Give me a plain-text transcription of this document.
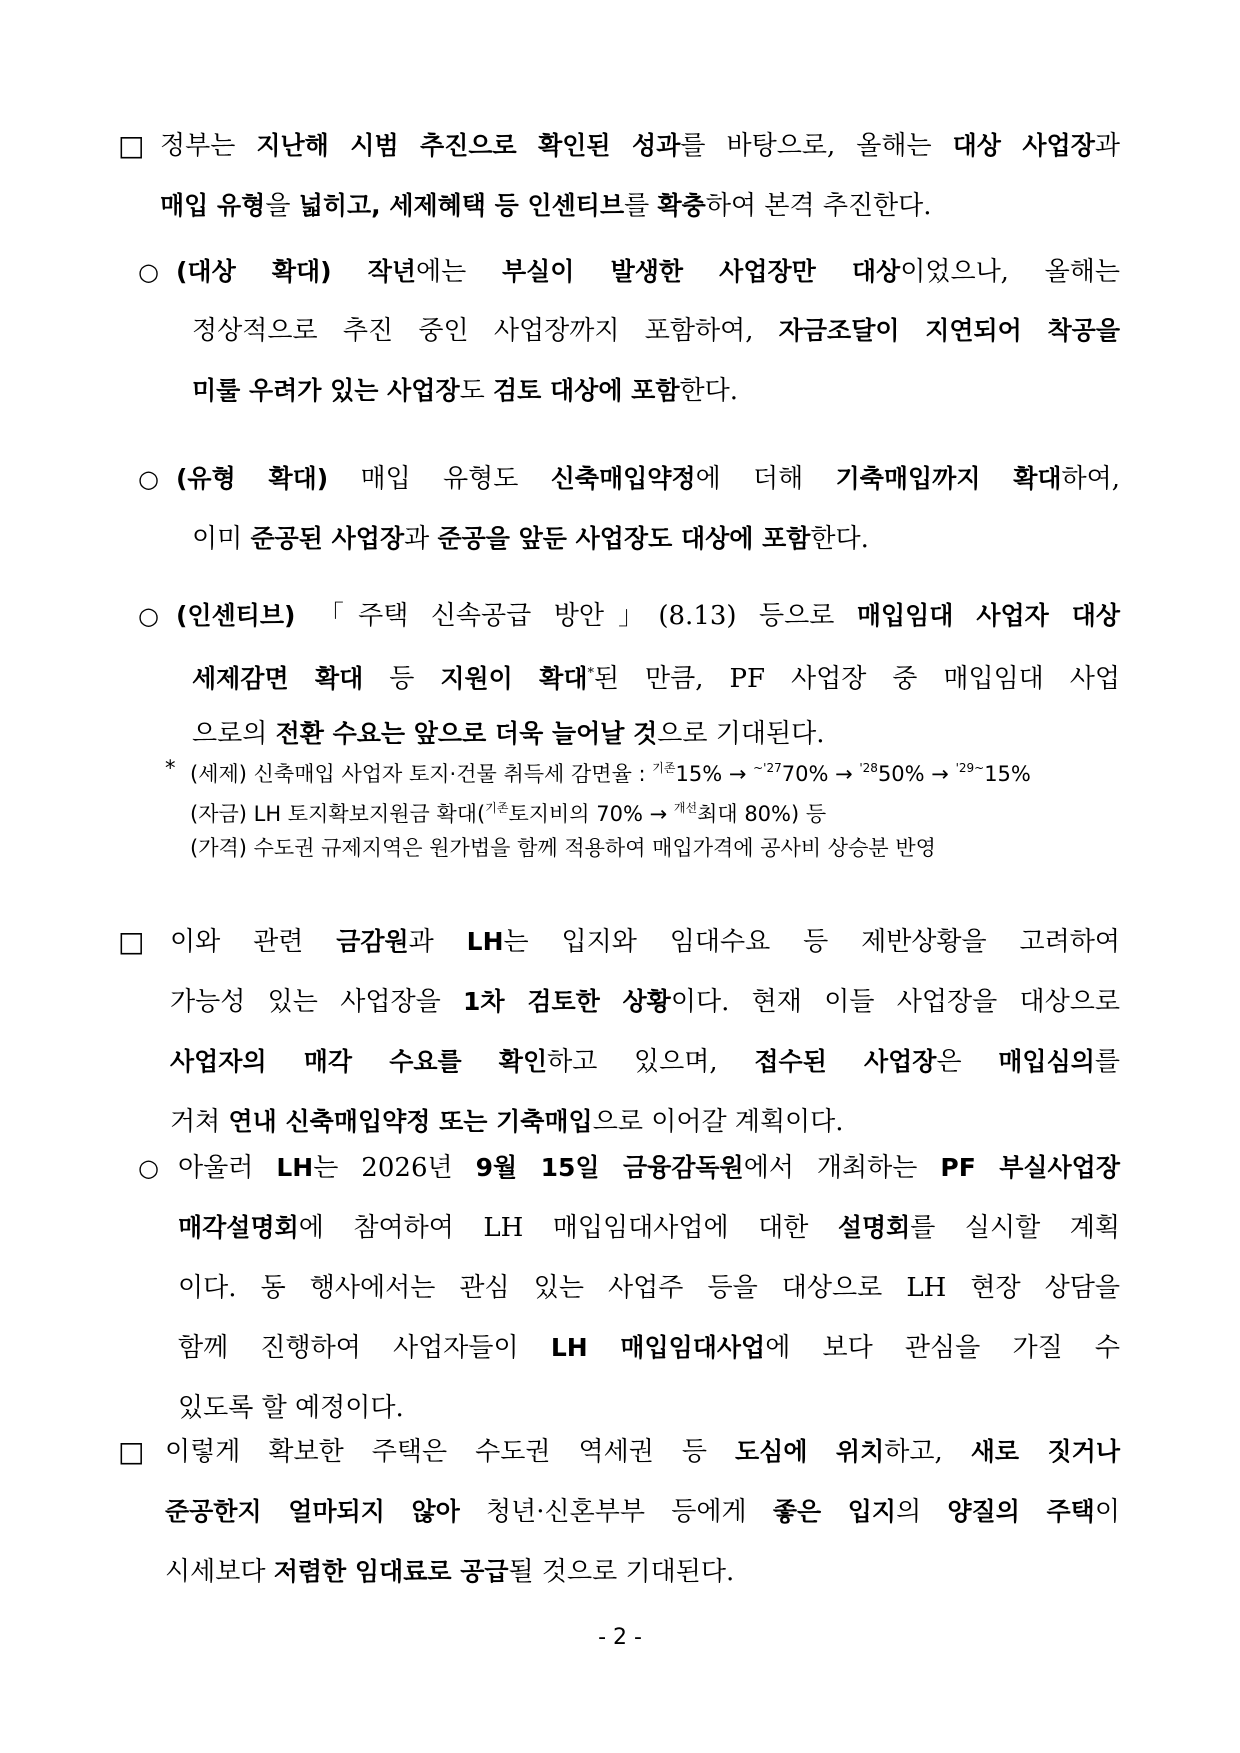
□ 정부는 지난해 시범 추진으로 확인된 성과를 바탕으로, 올해는 대상 사업장과
매입 유형을 넓히고, 세제혜택 등 인센티브를 확충하여 본격 추진한다.
○ (대상 확대) 작년에는 부실이 발생한 사업장만 대상이었으나, 올해는
정상적으로 추진 중인 사업장까지 포함하여, 자금조달이 지연되어 착공을
미룰 우려가 있는 사업장도 검토 대상에 포함한다.
○ (유형 확대) 매입 유형도 신축매입약정에 더해 기축매입까지 확대하여,
이미 준공된 사업장과 준공을 앞둔 사업장도 대상에 포함한다.
○ (인센티브) 「주택 신속공급 방안」(8.13) 등으로 매입임대 사업자 대상
세제감면 확대 등 지원이 확대*된 만큼, PF 사업장 중 매입임대 사업
으로의 전환 수요는 앞으로 더욱 늘어날 것으로 기대된다.
* (세제) 신축매입 사업자 토지·건물 취득세 감면율 : $^{기존}$15% → $^{\sim'27}$70% → $^{'28}$50% → $^{'29\sim}$15%
(자금) LH 토지확보지원금 확대($^{기존}$토지비의 70% → $^{개선}$최대 80%) 등
(가격) 수도권 규제지역은 원가법을 함께 적용하여 매입가격에 공사비 상승분 반영
□ 이와 관련 금감원과 LH는 입지와 임대수요 등 제반상황을 고려하여
가능성 있는 사업장을 1차 검토한 상황이다. 현재 이들 사업장을 대상으로
사업자의 매각 수요를 확인하고 있으며, 접수된 사업장은 매입심의를
거쳐 연내 신축매입약정 또는 기축매입으로 이어갈 계획이다.
○ 아울러 LH는 2026년 9월 15일 금융감독원에서 개최하는 PF 부실사업장
매각설명회에 참여하여 LH 매입임대사업에 대한 설명회를 실시할 계획
이다. 동 행사에서는 관심 있는 사업주 등을 대상으로 LH 현장 상담을
함께 진행하여 사업자들이 LH 매입임대사업에 보다 관심을 가질 수
있도록 할 예정이다.
□ 이렇게 확보한 주택은 수도권 역세권 등 도심에 위치하고, 새로 짓거나
준공한지 얼마되지 않아 청년·신혼부부 등에게 좋은 입지의 양질의 주택이
시세보다 저렴한 임대료로 공급될 것으로 기대된다.
- 2 -
